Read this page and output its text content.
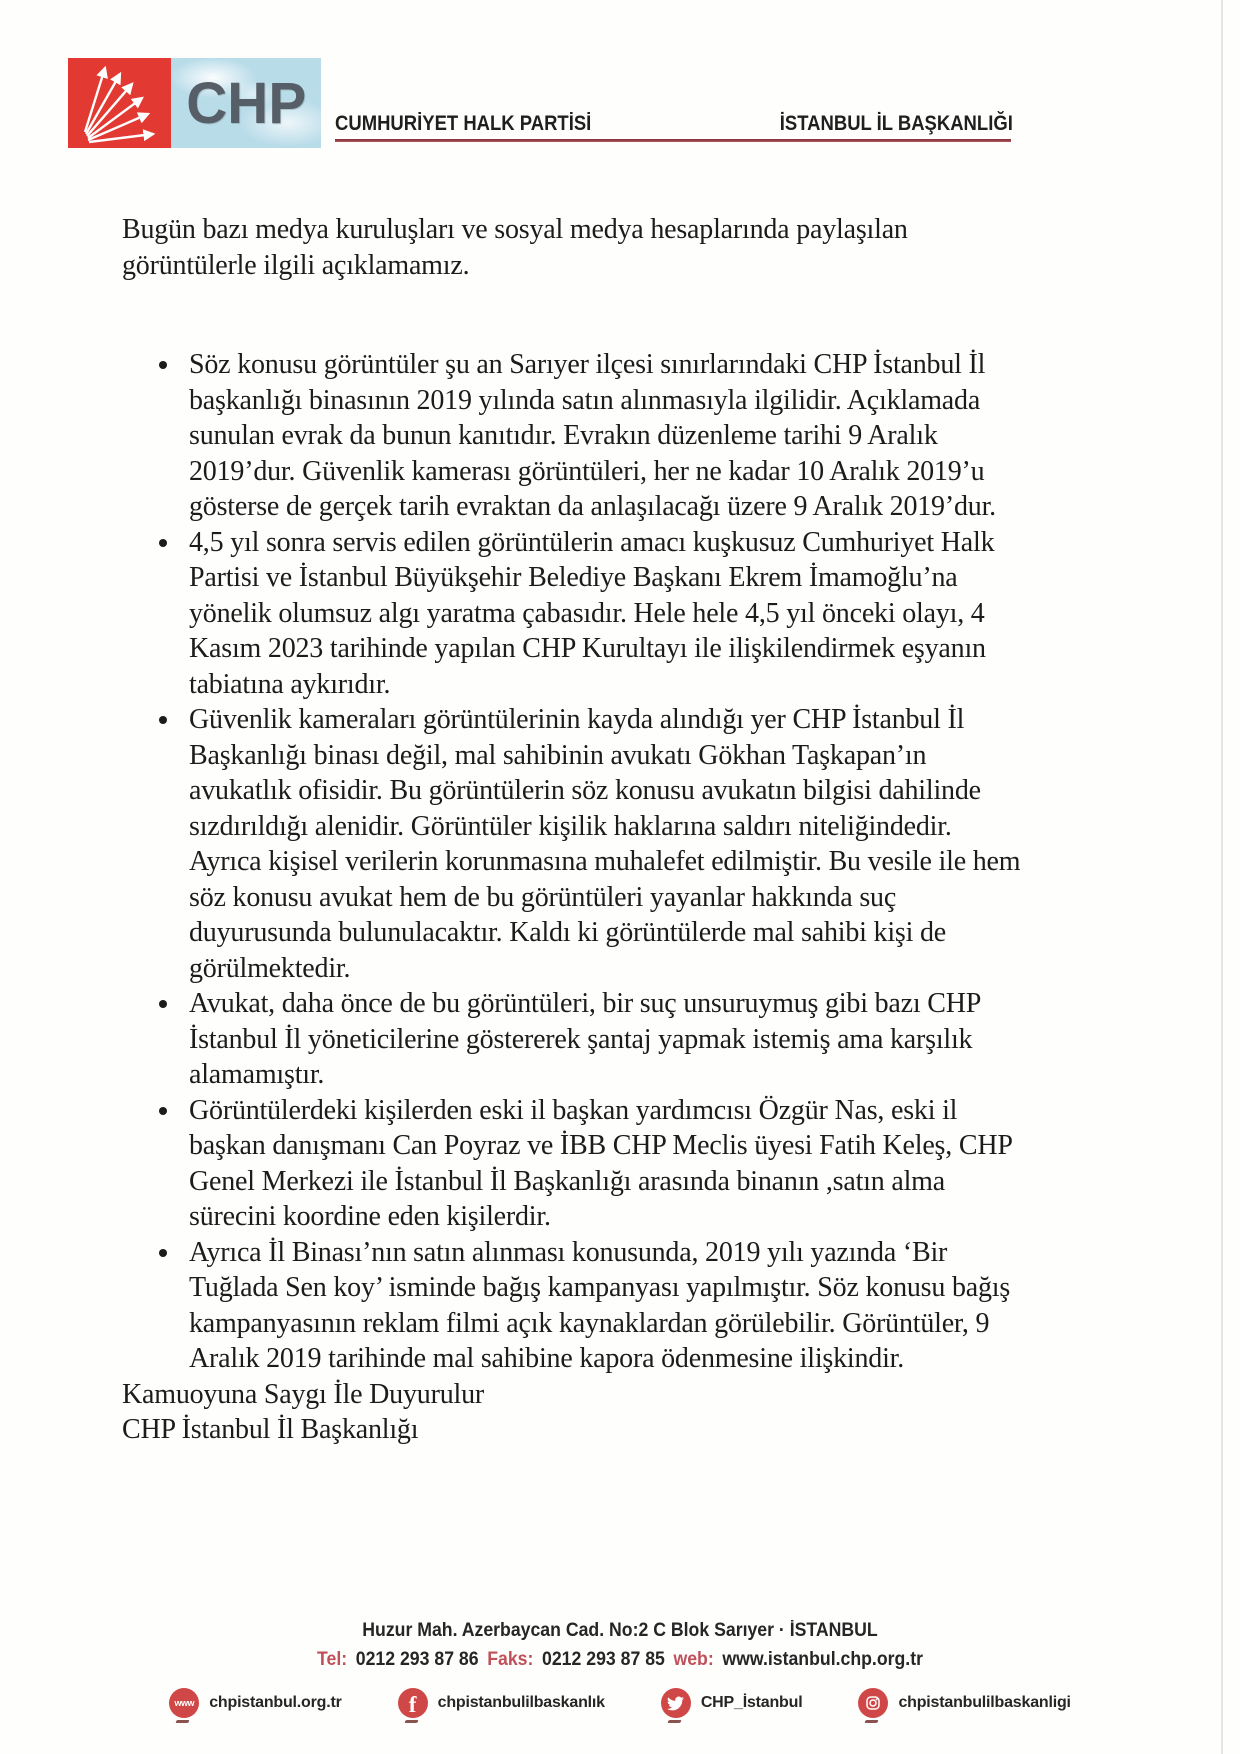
CHP CUMHURİYET HALK PARTİSİ	İSTANBUL İL BAŞKANLIĞI

Bugün bazı medya kuruluşları ve sosyal medya hesaplarında paylaşılan görüntülerle ilgili açıklamamız.

Söz konusu görüntüler şu an Sarıyer ilçesi sınırlarındaki CHP İstanbul İl başkanlığı binasının 2019 yılında satın alınmasıyla ilgilidir. Açıklamada sunulan evrak da bunun kanıtıdır. Evrakın düzenleme tarihi 9 Aralık 2019’dur. Güvenlik kamerası görüntüleri, her ne kadar 10 Aralık 2019’u gösterse de gerçek tarih evraktan da anlaşılacağı üzere 9 Aralık 2019’dur.
4,5 yıl sonra servis edilen görüntülerin amacı kuşkusuz Cumhuriyet Halk Partisi ve İstanbul Büyükşehir Belediye Başkanı Ekrem İmamoğlu’na yönelik olumsuz algı yaratma çabasıdır. Hele hele 4,5 yıl önceki olayı, 4 Kasım 2023 tarihinde yapılan CHP Kurultayı ile ilişkilendirmek eşyanın tabiatına aykırıdır.
Güvenlik kameraları görüntülerinin kayda alındığı yer CHP İstanbul İl Başkanlığı binası değil, mal sahibinin avukatı Gökhan Taşkapan’ın avukatlık ofisidir. Bu görüntülerin söz konusu avukatın bilgisi dahilinde sızdırıldığı alenidir. Görüntüler kişilik haklarına saldırı niteliğindedir. Ayrıca kişisel verilerin korunmasına muhalefet edilmiştir. Bu vesile ile hem söz konusu avukat hem de bu görüntüleri yayanlar hakkında suç duyurusunda bulunulacaktır. Kaldı ki görüntülerde mal sahibi kişi de görülmektedir.
Avukat, daha önce de bu görüntüleri, bir suç unsuruymuş gibi bazı CHP İstanbul İl yöneticilerine göstererek şantaj yapmak istemiş ama karşılık alamamıştır.
Görüntülerdeki kişilerden eski il başkan yardımcısı Özgür Nas, eski il başkan danışmanı Can Poyraz ve İBB CHP Meclis üyesi Fatih Keleş, CHP Genel Merkezi ile İstanbul İl Başkanlığı arasında binanın ,satın alma sürecini koordine eden kişilerdir.
Ayrıca İl Binası’nın satın alınması konusunda, 2019 yılı yazında ‘Bir Tuğlada Sen koy’ isminde bağış kampanyası yapılmıştır. Söz konusu bağış kampanyasının reklam filmi açık kaynaklardan görülebilir. Görüntüler, 9 Aralık 2019 tarihinde mal sahibine kapora ödenmesine ilişkindir.

Kamuoyuna Saygı İle Duyurulur

CHP İstanbul İl Başkanlığı

Huzur Mah. Azerbaycan Cad. No:2 C Blok Sarıyer · İSTANBUL
Tel: 0212 293 87 86 Faks: 0212 293 87 85 web: www.istanbul.chp.org.tr
www chpistanbul.org.tr	f chpistanbulilbaskanlık	CHP_İstanbul	chpistanbulilbaskanligi
